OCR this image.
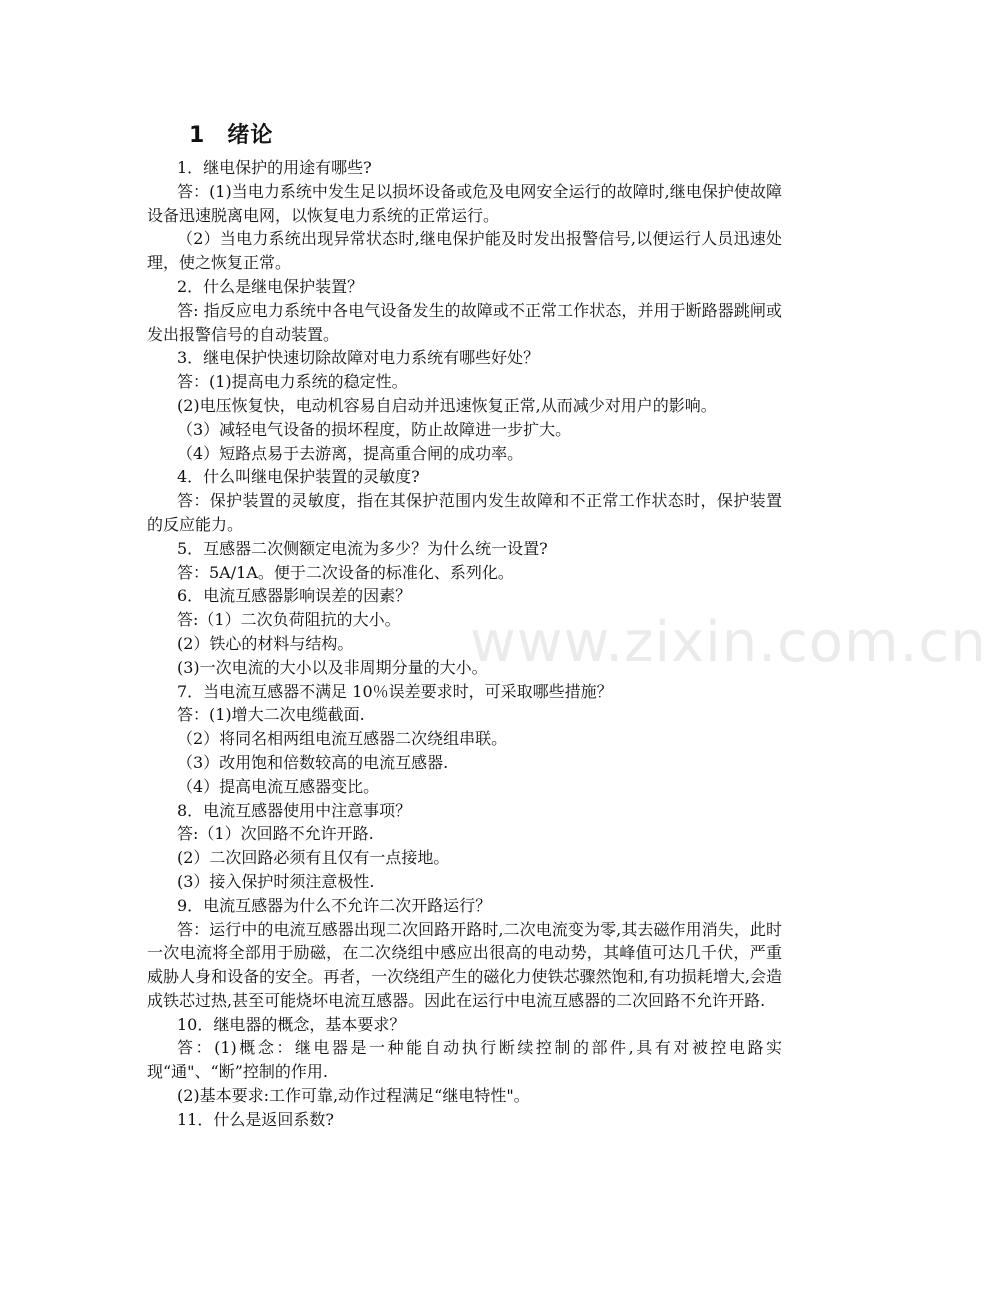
1 绪论

1．继电保护的用途有哪些?

答：(1)当电力系统中发生足以损坏设备或危及电网安全运行的故障时,继电保护使故障设备迅速脱离电网，以恢复电力系统的正常运行。

（2）当电力系统出现异常状态时,继电保护能及时发出报警信号,以便运行人员迅速处理，使之恢复正常。

2．什么是继电保护装置？

答: 指反应电力系统中各电气设备发生的故障或不正常工作状态，并用于断路器跳闸或发出报警信号的自动装置。

3．继电保护快速切除故障对电力系统有哪些好处？

答：(1)提高电力系统的稳定性。

(2)电压恢复快，电动机容易自启动并迅速恢复正常,从而减少对用户的影响。

（3）减轻电气设备的损坏程度，防止故障进一步扩大。

（4）短路点易于去游离，提高重合闸的成功率。

4．什么叫继电保护装置的灵敏度?

答：保护装置的灵敏度，指在其保护范围内发生故障和不正常工作状态时，保护装置的反应能力。

5．互感器二次侧额定电流为多少？为什么统一设置?

答：5A/1A。便于二次设备的标准化、系列化。

6．电流互感器影响误差的因素？

答:（1）二次负荷阻抗的大小。

(2）铁心的材料与结构。

(3)一次电流的大小以及非周期分量的大小。

7．当电流互感器不满足 10％误差要求时，可采取哪些措施？

答：(1)增大二次电缆截面.

（2）将同名相两组电流互感器二次绕组串联。

（3）改用饱和倍数较高的电流互感器.

（4）提高电流互感器变比。

8．电流互感器使用中注意事项？

答:（1）次回路不允许开路.

(2）二次回路必须有且仅有一点接地。

(3）接入保护时须注意极性.

9．电流互感器为什么不允许二次开路运行？

答：运行中的电流互感器出现二次回路开路时,二次电流变为零,其去磁作用消失，此时一次电流将全部用于励磁，在二次绕组中感应出很高的电动势，其峰值可达几千伏，严重威胁人身和设备的安全。再者，一次绕组产生的磁化力使铁芯骤然饱和,有功损耗增大,会造成铁芯过热,甚至可能烧坏电流互感器。因此在运行中电流互感器的二次回路不允许开路.

10．继电器的概念，基本要求？

答：(1)概念：继电器是一种能自动执行断续控制的部件,具有对被控电路实现“通"、“断”控制的作用.

(2)基本要求:工作可靠,动作过程满足“继电特性"。

11．什么是返回系数?

www.zixin.com.cn
